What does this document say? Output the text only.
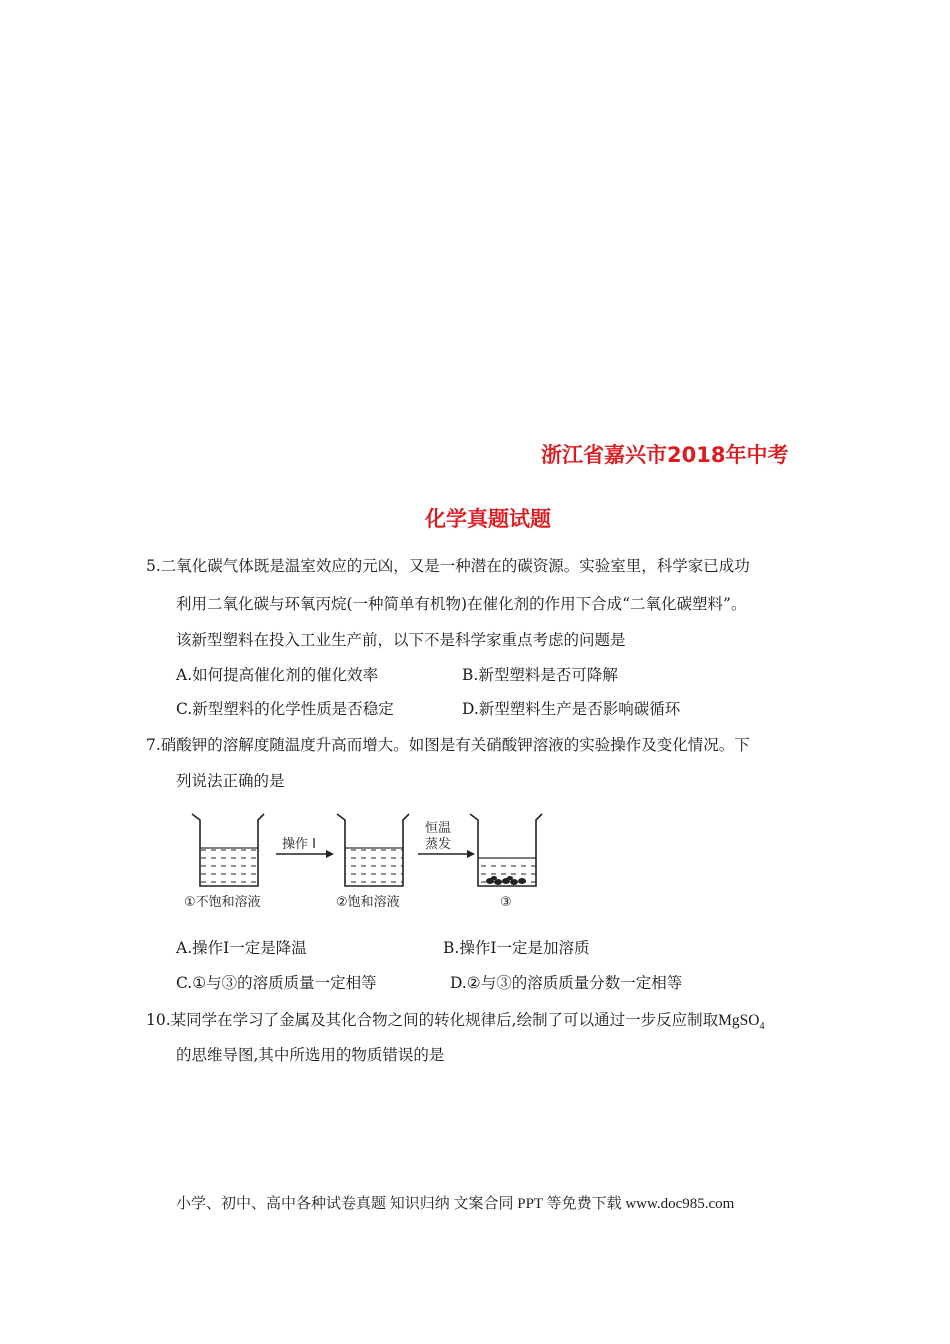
浙江省嘉兴市2018年中考
化学真题试题
5.二氧化碳气体既是温室效应的元凶，又是一种潜在的碳资源。实验室里，科学家已成功
利用二氧化碳与环氧丙烷(一种简单有机物)在催化剂的作用下合成“二氧化碳塑料”。
该新型塑料在投入工业生产前，以下不是科学家重点考虑的问题是
A.如何提高催化剂的催化效率	B.新型塑料是否可降解
C.新型塑料的化学性质是否稳定	D.新型塑料生产是否影响碳循环
7.硝酸钾的溶解度随温度升高而增大。如图是有关硝酸钾溶液的实验操作及变化情况。下
列说法正确的是
①不饱和溶液
操作 I
②饱和溶液
恒温
蒸发
③
A.操作Ⅰ一定是降温	B.操作Ⅰ一定是加溶质
C.①与③的溶质质量一定相等	D.②与③的溶质质量分数一定相等
10.某同学在学习了金属及其化合物之间的转化规律后,绘制了可以通过一步反应制取MgSO$_4$
的思维导图,其中所选用的物质错误的是
小学、初中、高中各种试卷真题 知识归纳 文案合同 PPT 等免费下载 www.doc985.com
